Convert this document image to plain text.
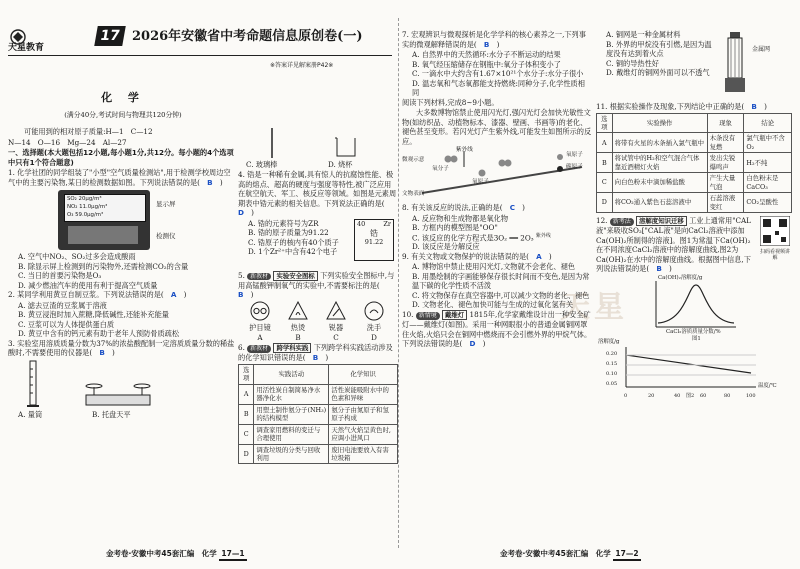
天星教育
17 2026年安徽省中考命题信息原创卷(一)
※答案详见解案册P42※
天星
化 学
(满分40分,考试时间与物理共120分钟)

可能用到的相对原子质量:H—1　C—12

N—14　O—16　Mg—24　Al—27

一、选择题(本大题包括12小题,每小题1分,共12分。每小题的4个选项中只有1个符合题意)

1. 化学社团的同学组装了"小型"空气质量检测站",用于检测学校周边空气中的主要污染物,某日的检测数据如图。下列说法错误的是(　B　)

SO₂ 20μg/m³
NO₂ 11.0μg/m³
O₃ 59.0μg/m³
显示屏
检测仪

A. 空气中NO₂、SO₂过多会造成酸雨

B. 除显示屏上检测到的污染物外,还需检测CO₂的含量

C. 当日的首要污染物是O₃

D. 减少燃油汽车的使用有利于提高空气质量

2. 某同学利用黄豆自制豆浆。下列说法错误的是(　A　)

A. 滤去豆渣的豆浆属于溶液

B. 黄豆浸泡时加入蔗糖,降低碱性,还能补充能量

C. 豆浆可以为人体提供蛋白质

D. 黄豆中含有的钙元素有助于老年人预防骨质疏松

3. 实验室用溶质质量分数为37%的浓盐酸配制一定溶质质量分数的稀盐酸时,不需要使用的仪器是(　B　)

A. 量筒	B. 托盘天平
C. 玻璃棒	D. 烧杯

4. 锆是一种稀有金属,具有惊人的抗腐蚀性能、极高的熔点、超高的硬度与强度等特性,被广泛应用在航空航天、军工、核反应等领域。如图是元素周期表中锆元素的相关信息。下列说法正确的是(　D　)

A. 锆的元素符号为ZR

B. 锆的原子质量为91.22

C. 锆原子的核内有40个质子

D. 1个Zr²⁺中含有42个电子

40	Zr
锆
91.22

5. 新教材 实验安全图标 下列实验安全图标中,与用高锰酸钾制氧气的实验中,不需要标注的是(　B　)

护目镜
A
热烫
B
锐器
C
洗手
D

6. 新教材 跨学科实践 下列跨学科实践活动涉及的化学知识错误的是(　B　)

选项	实践活动	化学知识
A	用活性炭自制简易净水器净化水	活性炭能吸附水中的色素和异味
B	用塑土制作氨分子(NH₃)的结构模型	氨分子由氮原子和氢原子构成
C	调查家用燃料的变迁与合理使用	天然气火焰呈黄色时,应调小进风口
D	调查垃圾的分类与回收利用	废旧电池要放入有害垃圾箱

7. 宏观辨识与微观探析是化学学科的核心素养之一,下列事实的微观解释错误的是(　B　)

A. 自然界中的天然循环:水分子不断运动的结果

B. 氧气经压缩储存在钢瓶中:氧分子体积变小了

C. 一滴水中大约含有1.67×10²¹个水分子:水分子很小

D. 温志氧和气态氧都能支持燃烧:同种分子,化学性质相同

阅读下列材料,完成8~9小题。

大多数博物馆禁止使用闪光灯,强闪光灯会加快光敏性文物(如纺织品、动植物标本、漆器、壁画、书画等)的老化、褪色甚至变形。若闪光灯产生紫外线,可能发生如图所示的反应。

紫外线
微观示意
氧分子
氧原子
文物表面
氧原子
碳原子

8. 有关该反应的说法,正确的是(　C　)

A. 反应物和生成物都是氧化物

B. 方框内的模型图是"OO"

C. 该反应的化学方程式是3O₂ ══ 2O₃ $^{紫外线}$

D. 该反应是分解反应

9. 有关文物或文物保护的说法错误的是(　A　)

A. 博物馆中禁止使用闪光灯,文物就不会老化、褪色

B. 用墨绘制的字画能够保存很长时间而不变色,是因为常温下碳的化学性质不活泼

C. 将文物保存在真空容器中,可以减少文物的老化、褪色

D. 文物老化、褪色加快可能与生成的过氧化氢有关

10. 新情境 戴维灯 1815年,化学家戴维设计出一种安全矿灯——戴维灯(如图)。采用一种网眼很小的普通金属铜网罩住火焰,火焰只会在铜网中燃烧而不会引燃外界的甲烷气体。下列说法错误的是(　D　)

A. 铜网是一种金属材料

B. 外界的甲烷没有引燃,是因为温度没有达到着火点

C. 铜的导热性好

D. 戴维灯的铜网外面可以不透气

金属网

11. 根据实验操作及现象,下列结论中正确的是(　B　)

选项	实验操作	现象	结论
A	将带有火星的木条插入氯气瓶中	木条没有复燃	氯气瓶中不含O₂
B	将试管中的H₂和空气混合气体靠近酒精灯火焰	发出尖锐爆鸣声	H₂不纯
C	向白色粉末中滴加稀盐酸	产生大量气泡	白色粉末是CaCO₃
D	将CO₂通入紫色石蕊溶液中	石蕊溶液变红	CO₂呈酸性
扫码看视频讲解

12. 新考法 溶解度知识迁移 工业上通常用"CAL液"来吸收SO₂["CAL液"是向CaCl₂溶液中添加Ca(OH)₂所制得的溶液]。图1为常温下Ca(OH)₂在不同浓度CaCl₂溶液中的溶解度曲线,图2为Ca(OH)₂在水中的溶解度曲线。根据图中信息,下列说法错误的是(　B　)

Ca(OH)₂溶解度/g
CaCl₂溶质质量分数/%
图1
溶解度/g
0.20
0.15
0.10
0.05	温度/℃
0	20	40	60	80	100
图2
金考卷·安徽中考45套汇编　化学 17—1	金考卷·安徽中考45套汇编　化学 17—2
